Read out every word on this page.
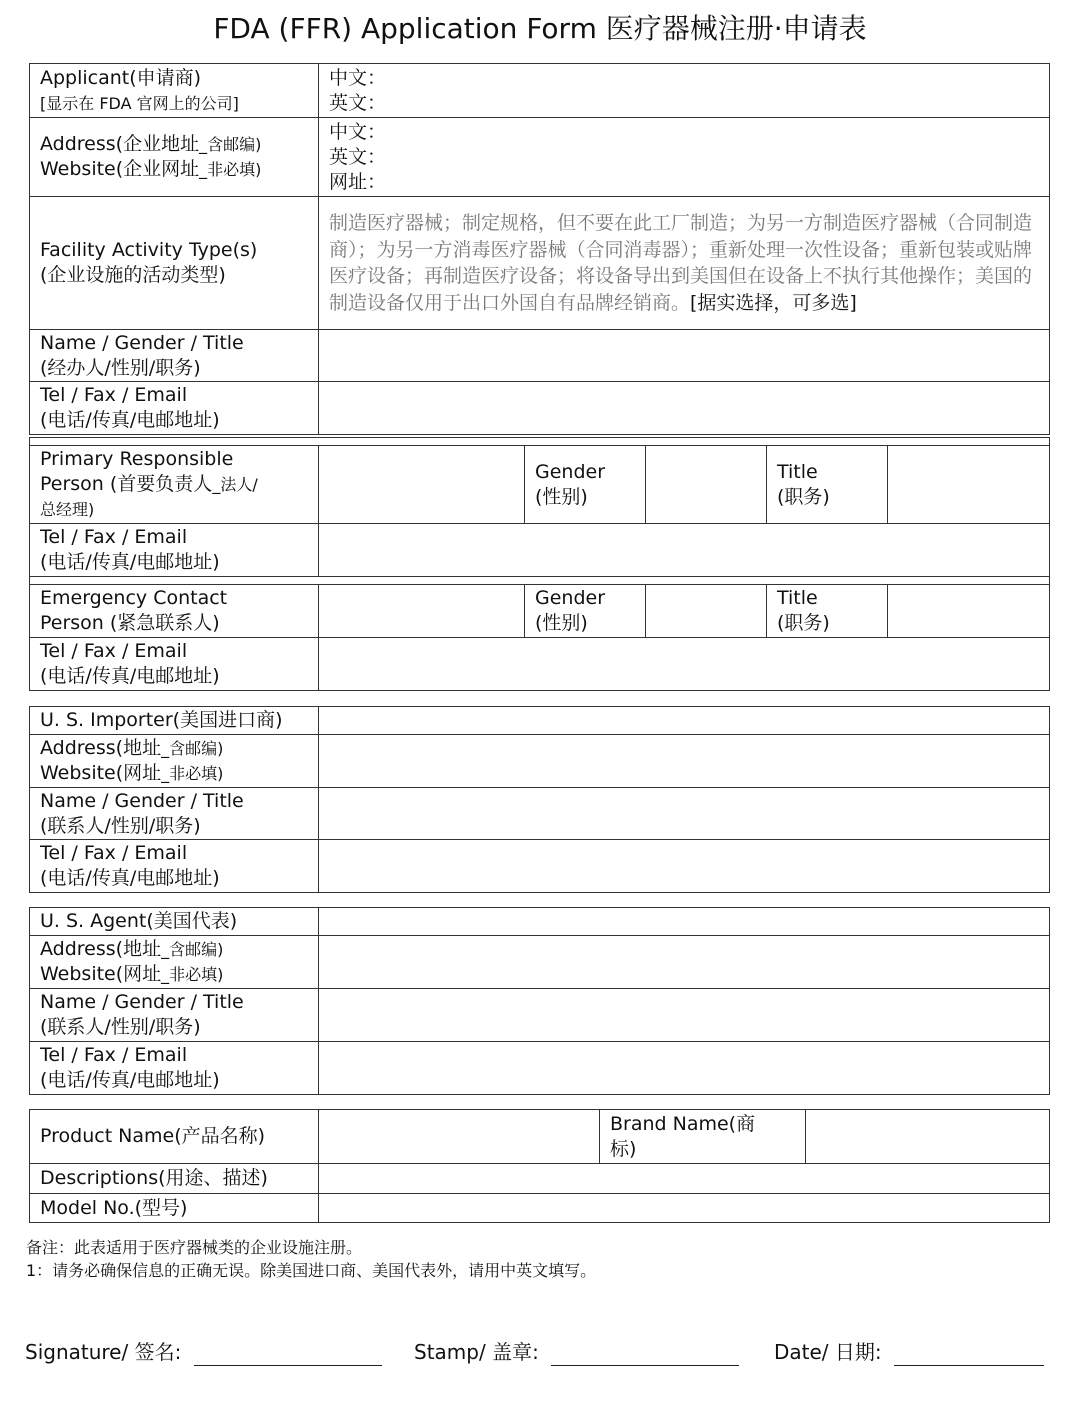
FDA (FFR) Application Form 医疗器械注册·申请表
Applicant(申请商)
[显示在 FDA 官网上的公司]	中文：
英文：

Address(企业地址_含邮编)
Website(企业网址_非必填)	中文：
英文：
网址：

Facility Activity Type(s)
(企业设施的活动类型)	制造医疗器械；制定规格，但不要在此工厂制造；为另一方制造医疗器械（合同制造商）；为另一方消毒医疗器械（合同消毒器）；重新处理一次性设备；重新包装或贴牌医疗设备；再制造医疗设备；将设备导出到美国但在设备上不执行其他操作；美国的制造设备仅用于出口外国自有品牌经销商。[据实选择，可多选]

Name / Gender / Title
(经办人/性别/职务)	

Tel / Fax / Email
(电话/传真/电邮地址)	

Primary Responsible
Person (首要负责人_法人/
总经理)		Gender
(性别)		Title
(职务)	

Tel / Fax / Email
(电话/传真/电邮地址)					

Emergency Contact
Person (紧急联系人)		Gender
(性别)		Title
(职务)	

Tel / Fax / Email
(电话/传真/电邮地址)					

U. S. Importer(美国进口商)	

Address(地址_含邮编)
Website(网址_非必填)	

Name / Gender / Title
(联系人/性别/职务)	

Tel / Fax / Email
(电话/传真/电邮地址)	

U. S. Agent(美国代表)	

Address(地址_含邮编)
Website(网址_非必填)	

Name / Gender / Title
(联系人/性别/职务)	

Tel / Fax / Email
(电话/传真/电邮地址)	

Product Name(产品名称)		Brand Name(商
标)	

Descriptions(用途、描述)			
Model No.(型号)			
备注：此表适用于医疗器械类的企业设施注册。
1：请务必确保信息的正确无误。除美国进口商、美国代表外，请用中英文填写。
Signature/ 签名:	Stamp/ 盖章:	Date/ 日期:
